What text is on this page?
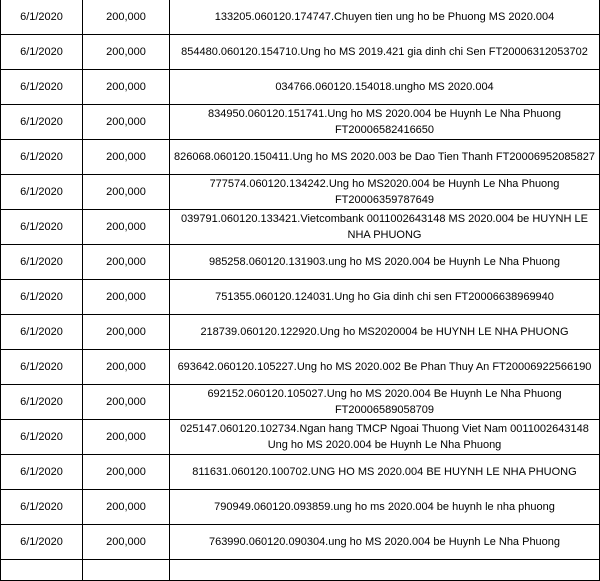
6/1/2020	200,000	133205.060120.174747.Chuyen tien ung ho be Phuong MS 2020.004
6/1/2020	200,000	854480.060120.154710.Ung ho MS 2019.421 gia dinh chi Sen FT20006312053702
6/1/2020	200,000	034766.060120.154018.ungho MS 2020.004
6/1/2020	200,000	834950.060120.151741.Ung ho MS 2020.004 be Huynh Le Nha Phuong FT20006582416650
6/1/2020	200,000	826068.060120.150411.Ung ho MS 2020.003 be Dao Tien Thanh FT20006952085827
6/1/2020	200,000	777574.060120.134242.Ung ho MS2020.004 be Huynh Le Nha Phuong FT20006359787649
6/1/2020	200,000	039791.060120.133421.Vietcombank 0011002643148 MS 2020.004 be HUYNH LE NHA PHUONG
6/1/2020	200,000	985258.060120.131903.ung ho MS 2020.004 be Huynh Le Nha Phuong
6/1/2020	200,000	751355.060120.124031.Ung ho Gia dinh chi sen FT20006638969940
6/1/2020	200,000	218739.060120.122920.Ung ho MS2020004 be HUYNH LE NHA PHUONG
6/1/2020	200,000	693642.060120.105227.Ung ho MS 2020.002 Be Phan Thuy An FT20006922566190
6/1/2020	200,000	692152.060120.105027.Ung ho MS 2020.004 Be Huynh Le Nha Phuong FT20006589058709
6/1/2020	200,000	025147.060120.102734.Ngan hang TMCP Ngoai Thuong Viet Nam 0011002643148 Ung ho MS 2020.004 be Huynh Le Nha Phuong
6/1/2020	200,000	811631.060120.100702.UNG HO MS 2020.004 BE HUYNH LE NHA PHUONG
6/1/2020	200,000	790949.060120.093859.ung ho ms 2020.004 be huynh le nha phuong
6/1/2020	200,000	763990.060120.090304.ung ho MS 2020.004 be Huynh Le Nha Phuong
